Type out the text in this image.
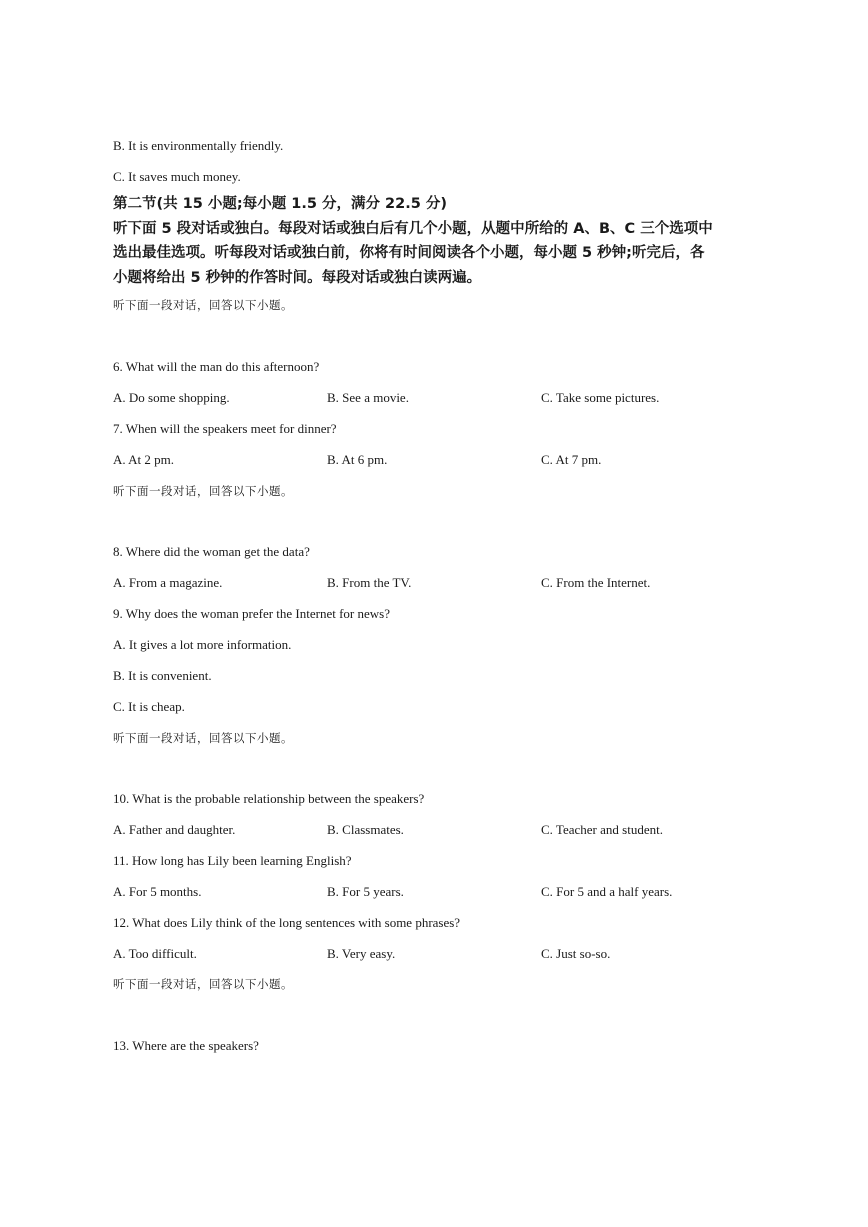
B. It is environmentally friendly.
C. It saves much money.
第二节(共 15 小题;每小题 1.5 分，满分 22.5 分)
听下面 5 段对话或独白。每段对话或独白后有几个小题，从题中所给的 A、B、C 三个选项中
选出最佳选项。听每段对话或独白前，你将有时间阅读各个小题，每小题 5 秒钟;听完后，各
小题将给出 5 秒钟的作答时间。每段对话或独白读两遍。
听下面一段对话，回答以下小题。
6. What will the man do this afternoon?
A. Do some shopping.	B. See a movie.	C. Take some pictures.
7. When will the speakers meet for dinner?
A. At 2 pm.	B. At 6 pm.	C. At 7 pm.
听下面一段对话，回答以下小题。
8. Where did the woman get the data?
A. From a magazine.	B. From the TV.	C. From the Internet.
9. Why does the woman prefer the Internet for news?
A. It gives a lot more information.
B. It is convenient.
C. It is cheap.
听下面一段对话，回答以下小题。
10. What is the probable relationship between the speakers?
A. Father and daughter.	B. Classmates.	C. Teacher and student.
11. How long has Lily been learning English?
A. For 5 months.	B. For 5 years.	C. For 5 and a half years.
12. What does Lily think of the long sentences with some phrases?
A. Too difficult.	B. Very easy.	C. Just so-so.
听下面一段对话，回答以下小题。
13. Where are the speakers?
